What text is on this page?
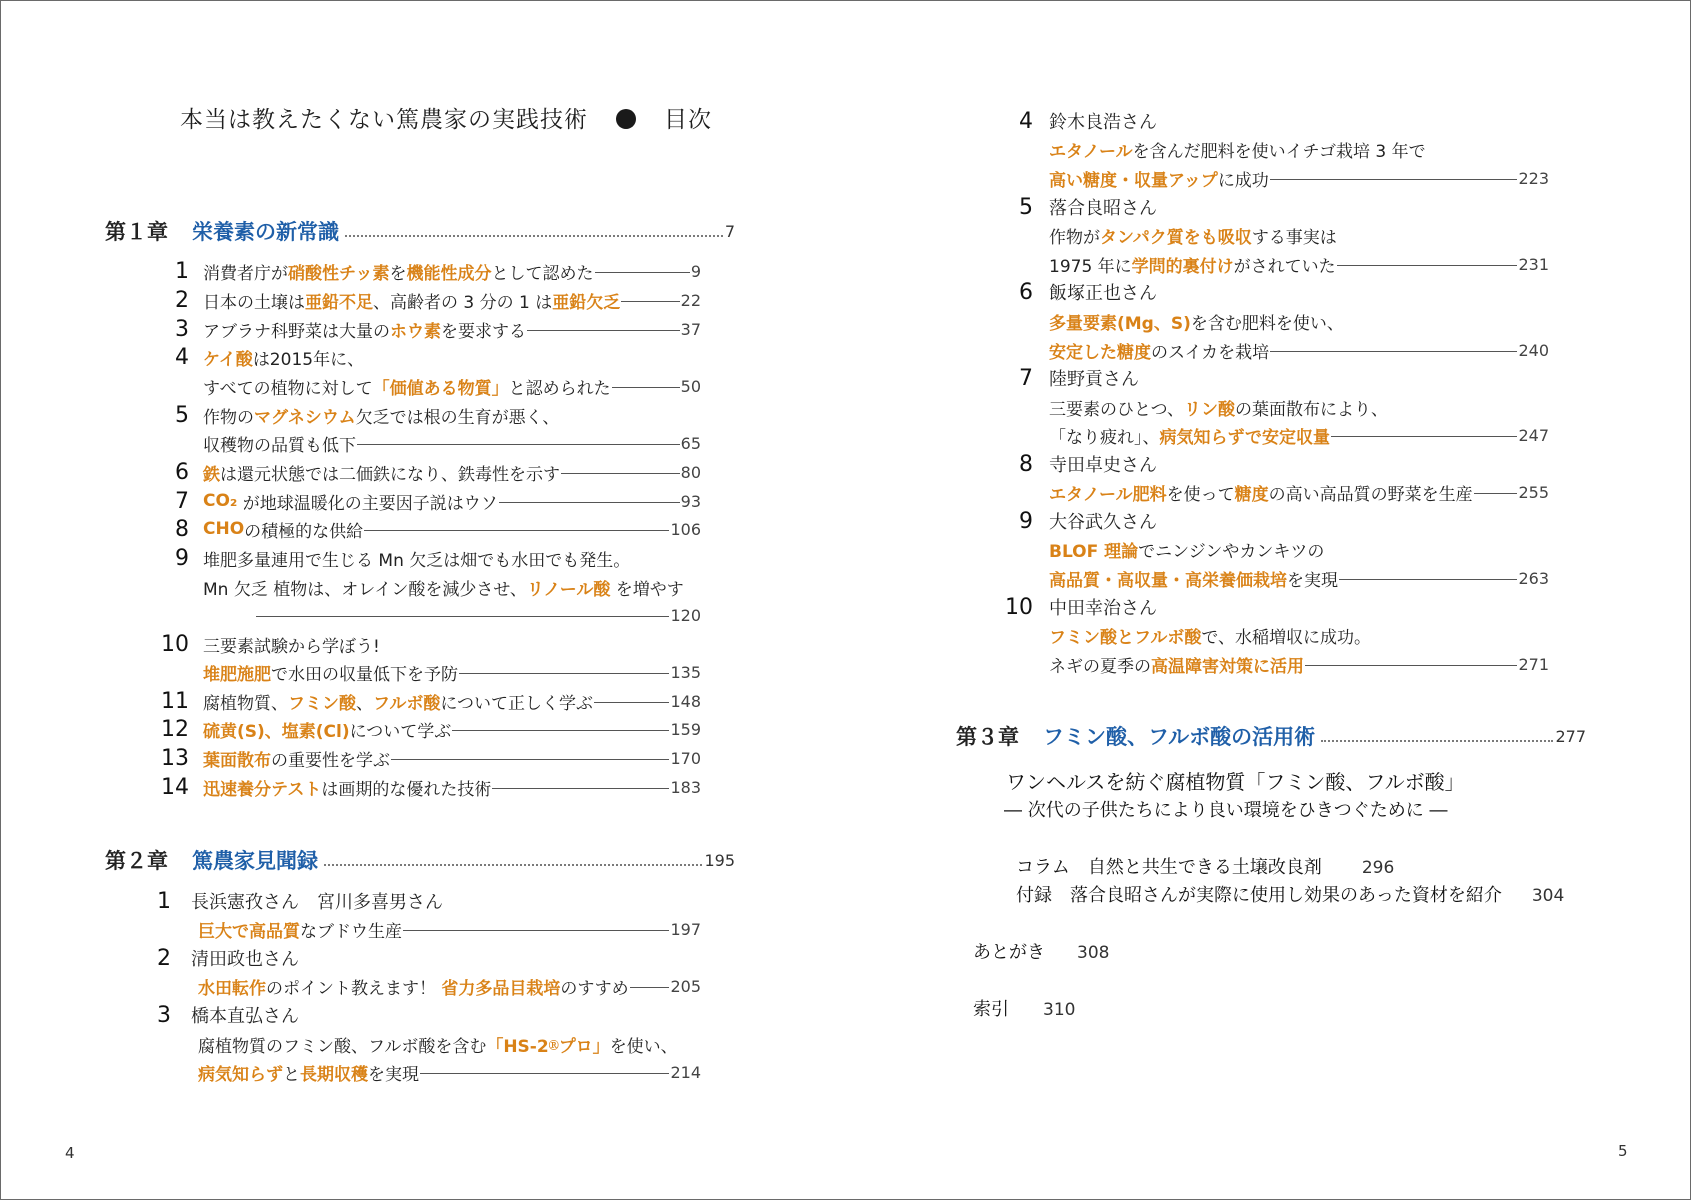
本当は教えたくない篤農家の実践技術	目次
第１章 栄養素の新常識	7
1 消費者庁が 硝酸性チッ素 を 機能性成分 として認めた	9
2 日本の土壌は 亜鉛不足 、高齢者の 3 分の 1 は 亜鉛欠乏	22
3 アブラナ科野菜は大量の ホウ素 を要求する	37
4 ケイ酸 は2015年に、
すべての植物に対して 「価値ある物質」 と認められた	50
5 作物の マグネシウム 欠乏では根の生育が悪く、
収穫物の品質も低下	65
6 鉄 は還元状態では二価鉄になり、鉄毒性を示す	80
7 CO₂
が地球温暖化の主要因子説はウソ	93
8 CHO の積極的な供給	106
9 堆肥多量連用で生じる Mn 欠乏は畑でも水田でも発生。
Mn 欠乏 植物は、オレイン酸を減少させ、 リノール酸
を増やす
120
10 三要素試験から学ぼう!
堆肥施肥 で水田の収量低下を予防	135
11 腐植物質、 フミン酸 、 フルボ酸 について正しく学ぶ	148
12 硫黄(S)、塩素(Cl) について学ぶ	159
13 葉面散布 の重要性を学ぶ	170
14 迅速養分テスト は画期的な優れた技術	183
第２章 篤農家見聞録	195
1 長浜憲孜さん　宮川多喜男さん
巨大で高品質 なブドウ生産	197
2 清田政也さん
水田転作 のポイント教えます！
省力多品目栽培 のすすめ	205
3 橋本直弘さん
腐植物質のフミン酸、フルボ酸を含む 「HS-2 Ⓡ プロ」 を使い、
病気知らず と 長期収穫 を実現	214
4
4 鈴木良浩さん
エタノール を含んだ肥料を使いイチゴ栽培 3 年で
高い糖度・収量アップ に成功	223
5 落合良昭さん
作物が タンパク質をも吸収 する事実は
1975 年に 学問的裏付け がされていた	231
6 飯塚正也さん
多量要素(Mg、S) を含む肥料を使い、
安定した糖度 のスイカを栽培	240
7 陸野貢さん
三要素のひとつ、 リン酸 の葉面散布により、
「なり疲れ」、 病気知らずで安定収量	247
8 寺田卓史さん
エタノール肥料 を使って 糖度 の高い高品質の野菜を生産	255
9 大谷武久さん
BLOF 理論 でニンジンやカンキツの
高品質・高収量・高栄養価栽培 を実現	263
10 中田幸治さん
フミン酸とフルボ酸 で、水稲増収に成功。
ネギの夏季の 高温障害対策に活用	271
第３章 フミン酸、フルボ酸の活用術	277
ワンヘルスを紡ぐ腐植物質「フミン酸、フルボ酸」
― 次代の子供たちにより良い環境をひきつぐために ―
コラム　自然と共生できる土壌改良剤 296
付録　落合良昭さんが実際に使用し効果のあった資材を紹介 304
あとがき 308
索引 310
5
